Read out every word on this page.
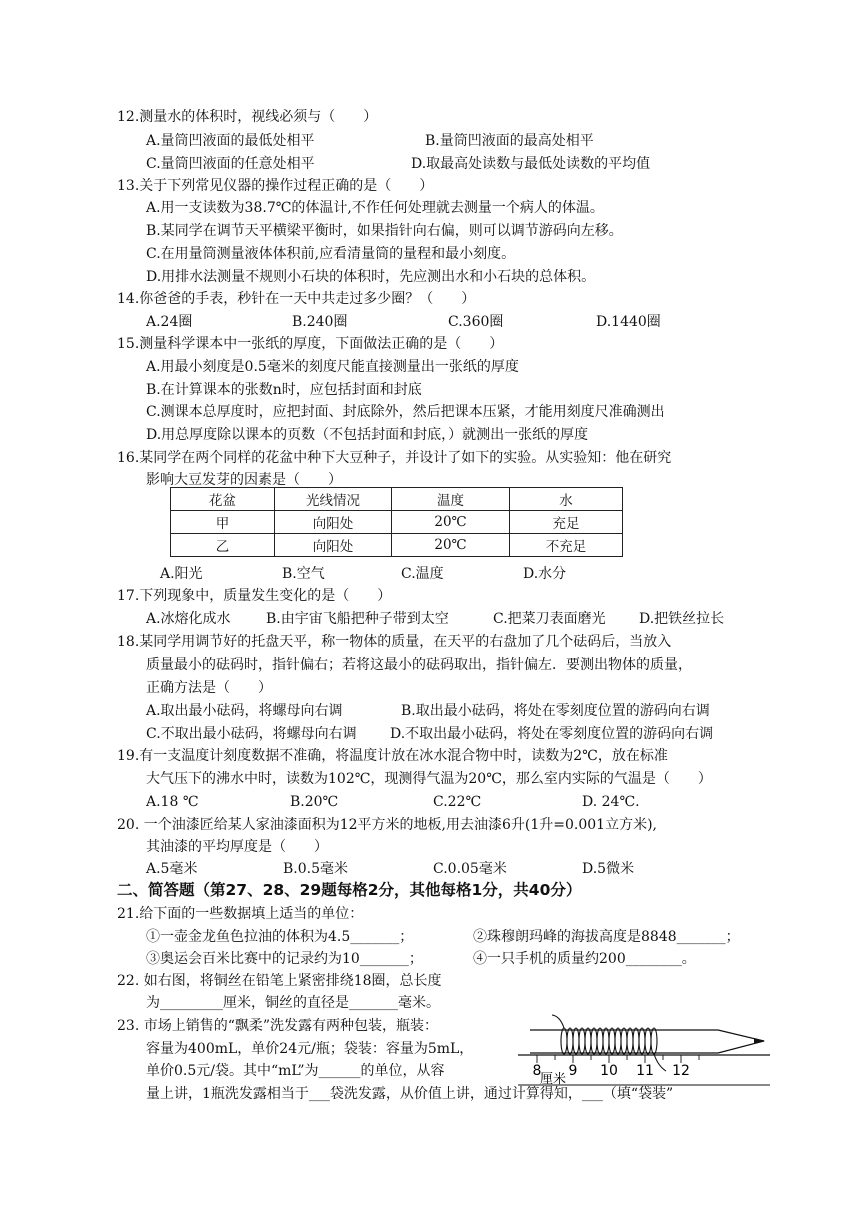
12.测量水的体积时，视线必须与（　　）
A.量筒凹液面的最低处相平	B.量筒凹液面的最高处相平
C.量筒凹液面的任意处相平	D.取最高处读数与最低处读数的平均值
13.关于下列常见仪器的操作过程正确的是（　　）
A.用一支读数为38.7℃的体温计,不作任何处理就去测量一个病人的体温。
B.某同学在调节天平横梁平衡时，如果指针向右偏，则可以调节游码向左移。
C.在用量筒测量液体体积前,应看清量筒的量程和最小刻度。
D.用排水法测量不规则小石块的体积时，先应测出水和小石块的总体积。
14.你爸爸的手表，秒针在一天中共走过多少圈？（　　）
A.24圈	B.240圈	C.360圈	D.1440圈
15.测量科学课本中一张纸的厚度，下面做法正确的是（　　）
A.用最小刻度是0.5毫米的刻度尺能直接测量出一张纸的厚度
B.在计算课本的张数n时，应包括封面和封底
C.测课本总厚度时，应把封面、封底除外，然后把课本压紧，才能用刻度尺准确测出
D.用总厚度除以课本的页数（不包括封面和封底，）就测出一张纸的厚度
16.某同学在两个同样的花盆中种下大豆种子，并设计了如下的实验。从实验知：他在研究
影响大豆发芽的因素是（　　）
花盆	光线情况	温度	水
甲	向阳处	20℃	充足
乙	向阳处	20℃	不充足
A.阳光	B.空气	C.温度	D.水分
17.下列现象中，质量发生变化的是（　　）
A.冰熔化成水	B.由宇宙飞船把种子带到太空	C.把菜刀表面磨光 D.把铁丝拉长
18.某同学用调节好的托盘天平，称一物体的质量，在天平的右盘加了几个砝码后，当放入
质量最小的砝码时，指针偏右；若将这最小的砝码取出，指针偏左．要测出物体的质量，
正确方法是（　　）
A.取出最小砝码，将螺母向右调	B.取出最小砝码，将处在零刻度位置的游码向右调
C.不取出最小砝码，将螺母向右调 D.不取出最小砝码，将处在零刻度位置的游码向右调
19.有一支温度计刻度数据不准确，将温度计放在冰水混合物中时，读数为2℃，放在标准
大气压下的沸水中时，读数为102℃，现测得气温为20℃，那么室内实际的气温是（　　）
A.18 ℃	B.20℃	C.22℃	D. 24℃.
20. 一个油漆匠给某人家油漆面积为12平方米的地板,用去油漆6升(1升=0.001立方米),
其油漆的平均厚度是（　　）
A.5毫米	B.0.5毫米	C.0.05毫米	D.5微米
二、简答题（第27、28、29题每格2分，其他每格1分，共40分）
21.给下面的一些数据填上适当的单位：
①一壶金龙鱼色拉油的体积为4.5_______；	②珠穆朗玛峰的海拔高度是8848_______；
③奥运会百米比赛中的记录约为10_______；	④一只手机的质量约200________。
22. 如右图，将铜丝在铅笔上紧密排绕18圈，总长度
为_________厘米，铜丝的直径是_______毫米。
23. 市场上销售的“飘柔”洗发露有两种包装，瓶装：
容量为400mL，单价24元/瓶；袋装：容量为5mL，
单价0.5元/袋。其中“mL”为______的单位，从容
量上讲，1瓶洗发露相当于___袋洗发露，从价值上讲，通过计算得知，___（填“袋装”
8 9 10 11 12
厘米
